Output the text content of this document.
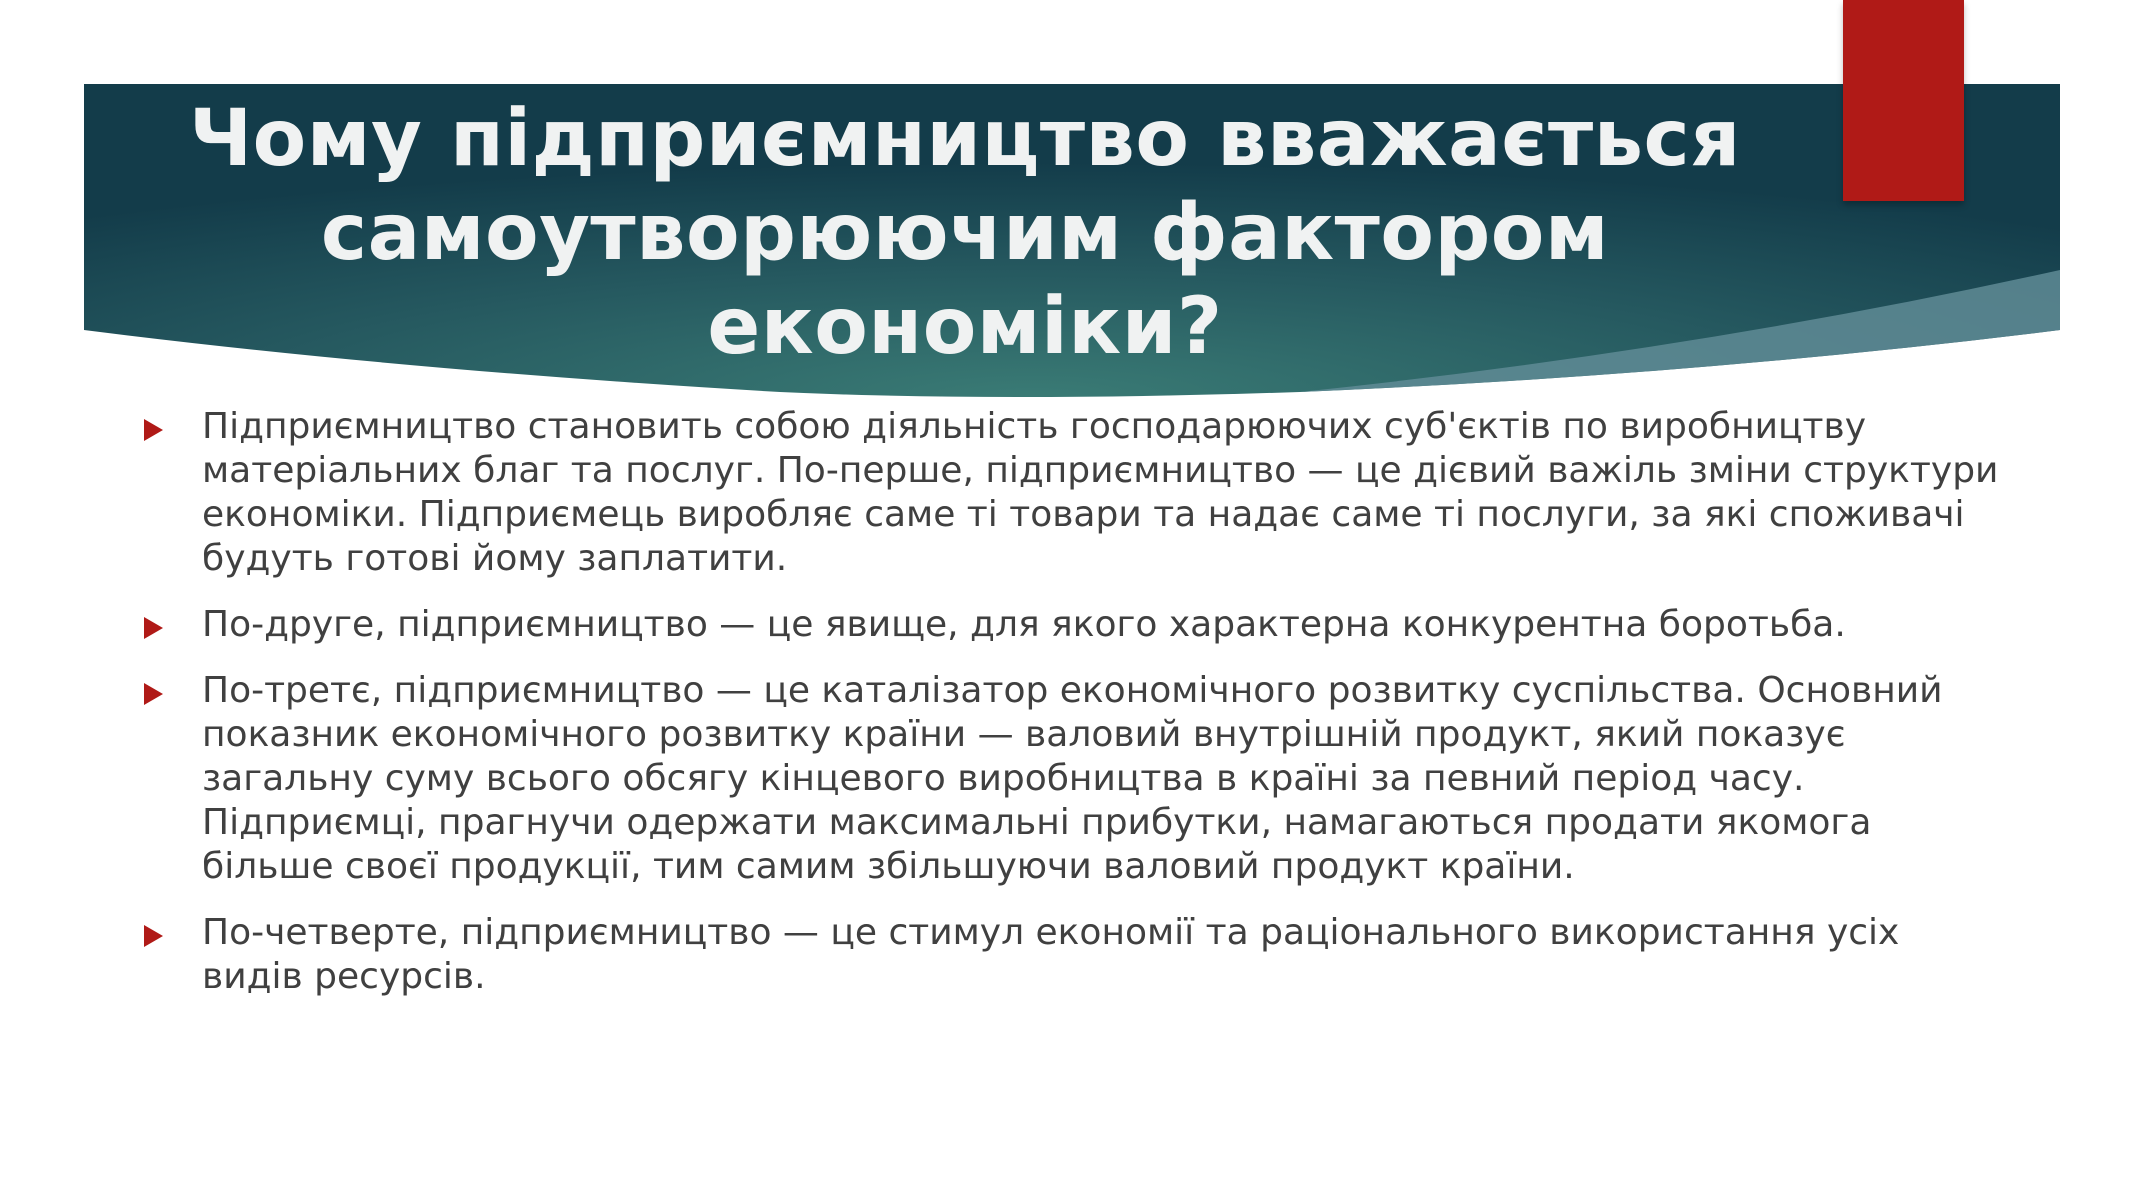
Чому підприємництво вважається самоутворюючим фактором економіки?
Підприємництво становить собою діяльність господарюючих суб'єктів по виробництву матеріальних благ та послуг. По-перше, підприємництво — це дієвий важіль зміни структури економіки. Підприємець виробляє саме ті товари та надає саме ті послуги, за які споживачі будуть готові йому заплатити.
По-друге, підприємництво — це явище, для якого характерна конкурентна боротьба.
По-третє, підприємництво — це каталізатор економічного розвитку суспільства. Основний показник економічного розвитку країни — валовий внутрішній продукт, який показує загальну суму всього обсягу кінцевого виробництва в країні за певний період часу. Підприємці, прагнучи одержати максимальні прибутки, намагаються продати якомога більше своєї продукції, тим самим збільшуючи валовий продукт країни.
По-четверте, підприємництво — це стимул економії та раціонального використання усіх видів ресурсів.
